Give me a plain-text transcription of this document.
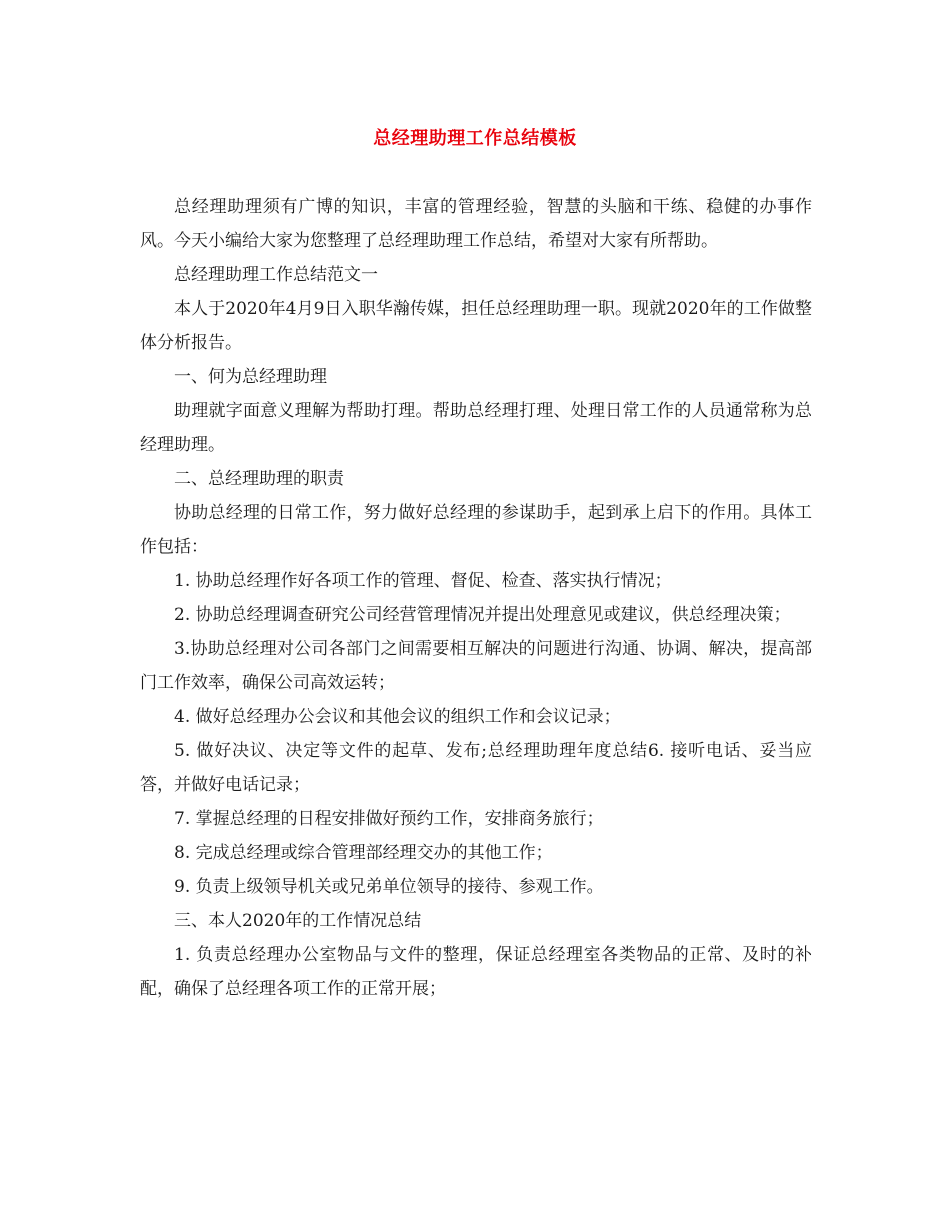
总经理助理工作总结模板

总经理助理须有广博的知识，丰富的管理经验，智慧的头脑和干练、稳健的办事作风。今天小编给大家为您整理了总经理助理工作总结，希望对大家有所帮助。

总经理助理工作总结范文一

本人于2020年4月9日入职华瀚传媒，担任总经理助理一职。现就2020年的工作做整体分析报告。

一、何为总经理助理

助理就字面意义理解为帮助打理。帮助总经理打理、处理日常工作的人员通常称为总经理助理。

二、总经理助理的职责

协助总经理的日常工作，努力做好总经理的参谋助手，起到承上启下的作用。具体工作包括：

1. 协助总经理作好各项工作的管理、督促、检查、落实执行情况；

2. 协助总经理调查研究公司经营管理情况并提出处理意见或建议，供总经理决策；

3.协助总经理对公司各部门之间需要相互解决的问题进行沟通、协调、解决，提高部门工作效率，确保公司高效运转；

4. 做好总经理办公会议和其他会议的组织工作和会议记录；

5. 做好决议、决定等文件的起草、发布;总经理助理年度总结6. 接听电话、妥当应答，并做好电话记录；

7. 掌握总经理的日程安排做好预约工作，安排商务旅行；

8. 完成总经理或综合管理部经理交办的其他工作；

9. 负责上级领导机关或兄弟单位领导的接待、参观工作。

三、本人2020年的工作情况总结

1. 负责总经理办公室物品与文件的整理，保证总经理室各类物品的正常、及时的补配，确保了总经理各项工作的正常开展；
